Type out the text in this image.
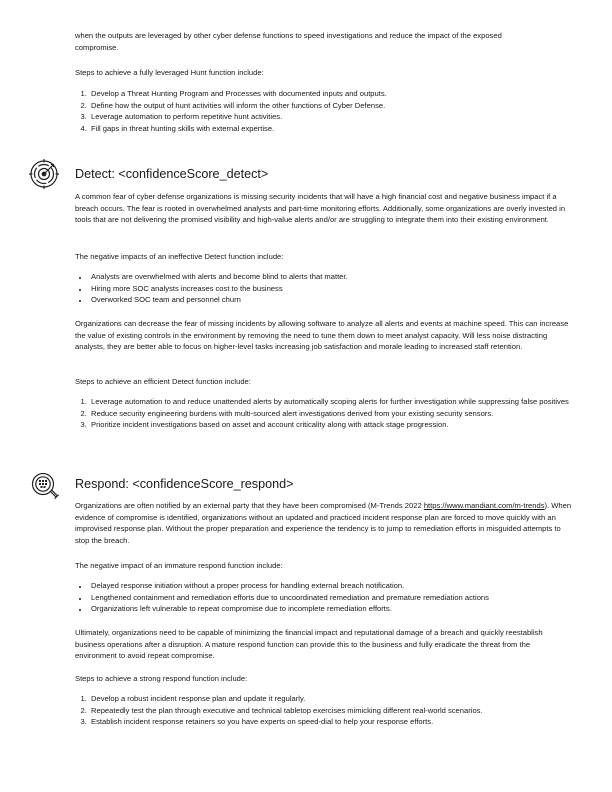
when the outputs are leveraged by other cyber defense functions to speed investigations and reduce the impact of the exposed
compromise.

Steps to achieve a fully leveraged Hunt function include:

1. Develop a Threat Hunting Program and Processes with documented inputs and outputs.
2. Define how the output of hunt activities will inform the other functions of Cyber Defense.
3. Leverage automation to perform repetitive hunt activities.
4. Fill gaps in threat hunting skills with external expertise.
Detect: <confidenceScore_detect>

A common fear of cyber defense organizations is missing security incidents that will have a high financial cost and negative business impact if a breach occurs. The fear is rooted in overwhelmed analysts and part-time monitoring efforts. Additionally, some organizations are overly invested in tools that are not delivering the promised visibility and high-value alerts and/or are struggling to integrate them into their existing environment.

The negative impacts of an ineffective Detect function include:

• Analysts are overwhelmed with alerts and become blind to alerts that matter.
• Hiring more SOC analysts increases cost to the business
• Overworked SOC team and personnel churn

Organizations can decrease the fear of missing incidents by allowing software to analyze all alerts and events at machine speed. This can increase the value of existing controls in the environment by removing the need to tune them down to meet analyst capacity. Will less noise distracting analysts, they are better able to focus on higher-level tasks increasing job satisfaction and morale leading to increased staff retention.

Steps to achieve an efficient Detect function include:

1. Leverage automation to and reduce unattended alerts by automatically scoping alerts for further investigation while suppressing false positives
2. Reduce security engineering burdens with multi-sourced alert investigations derived from your existing security sensors.
3. Prioritize incident investigations based on asset and account criticality along with attack stage progression.
Respond: <confidenceScore_respond>

Organizations are often notified by an external party that they have been compromised (M-Trends 2022 https://www.mandiant.com/m-trends). When evidence of compromise is identified, organizations without an updated and practiced incident response plan are forced to move quickly with an improvised response plan. Without the proper preparation and experience the tendency is to jump to remediation efforts in misguided attempts to stop the breach.

The negative impact of an immature respond function include:

• Delayed response initiation without a proper process for handling external breach notification.
• Lengthened containment and remediation efforts due to uncoordinated remediation and premature remediation actions
• Organizations left vulnerable to repeat compromise due to incomplete remediation efforts.

Ultimately, organizations need to be capable of minimizing the financial impact and reputational damage of a breach and quickly reestablish business operations after a disruption. A mature respond function can provide this to the business and fully eradicate the threat from the environment to avoid repeat compromise.

Steps to achieve a strong respond function include:

1. Develop a robust incident response plan and update it regularly.
2. Repeatedly test the plan through executive and technical tabletop exercises mimicking different real-world scenarios.
3. Establish incident response retainers so you have experts on speed-dial to help your response efforts.
